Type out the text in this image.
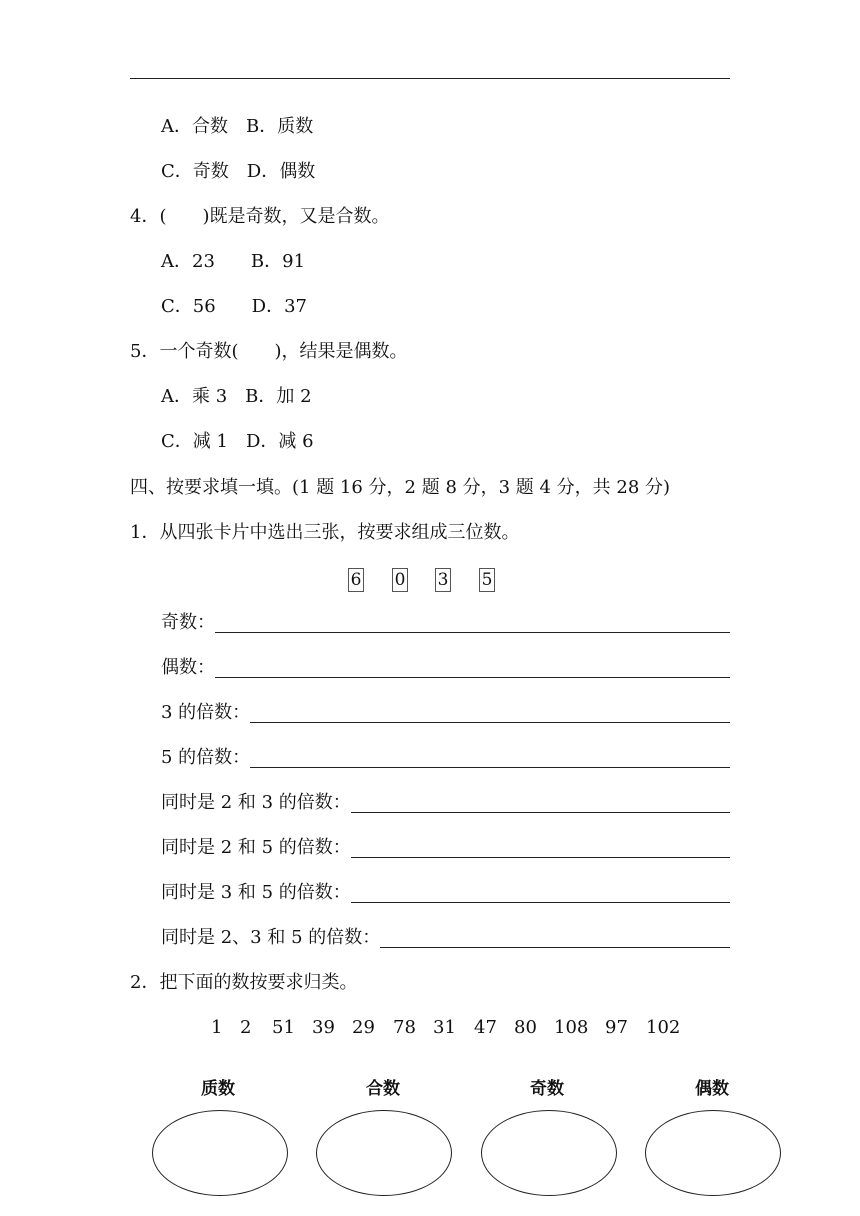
A．合数　B．质数
C．奇数　D．偶数
4．(　　)既是奇数，又是合数。
A．23　　B．91
C．56　　D．37
5．一个奇数(　　)，结果是偶数。
A．乘 3　B．加 2
C．减 1　D．减 6
四、按要求填一填。(1 题 16 分，2 题 8 分，3 题 4 分，共 28 分)
1．从四张卡片中选出三张，按要求组成三位数。
6 0 3 5
奇数：
偶数：
3 的倍数：
5 的倍数：
同时是 2 和 3 的倍数：
同时是 2 和 5 的倍数：
同时是 3 和 5 的倍数：
同时是 2、3 和 5 的倍数：
2．把下面的数按要求归类。
1 2 51 39 29 78 31 47 80 108 97 102
质数	合数	奇数	偶数
